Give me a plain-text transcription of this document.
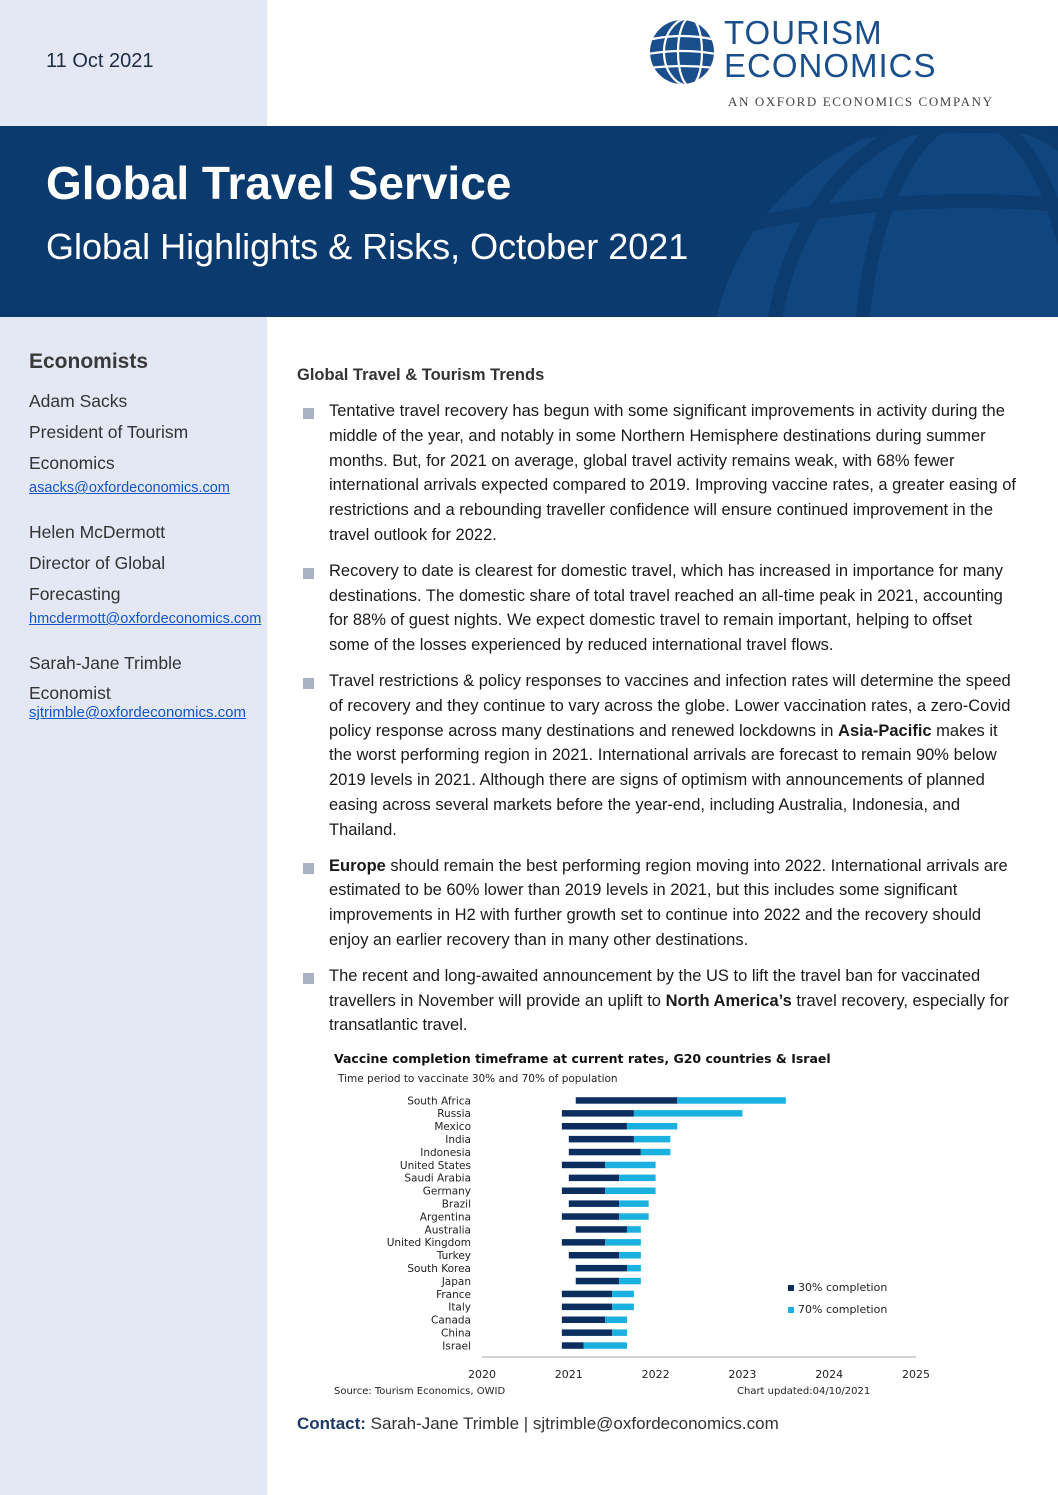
11 Oct 2021
TOURISM
ECONOMICS
AN OXFORD ECONOMICS COMPANY
Global Travel Service
Global Highlights & Risks, October 2021
Economists
Adam Sacks
President of Tourism
Economics
asacks@oxfordeconomics.com
Helen McDermott
Director of Global
Forecasting
hmcdermott@oxfordeconomics.com
Sarah-Jane Trimble
Economist
sjtrimble@oxfordeconomics.com
Global Travel & Tourism Trends
Tentative travel recovery has begun with some significant improvements in activity during the middle of the year, and notably in some Northern Hemisphere destinations during summer months. But, for 2021 on average, global travel activity remains weak, with 68% fewer international arrivals expected compared to 2019. Improving vaccine rates, a greater easing of restrictions and a rebounding traveller confidence will ensure continued improvement in the travel outlook for 2022.
Recovery to date is clearest for domestic travel, which has increased in importance for many destinations. The domestic share of total travel reached an all-time peak in 2021, accounting for 88% of guest nights. We expect domestic travel to remain important, helping to offset some of the losses experienced by reduced international travel flows.
Travel restrictions & policy responses to vaccines and infection rates will determine the speed of recovery and they continue to vary across the globe. Lower vaccination rates, a zero-Covid policy response across many destinations and renewed lockdowns in Asia-Pacific makes it the worst performing region in 2021. International arrivals are forecast to remain 90% below 2019 levels in 2021. Although there are signs of optimism with announcements of planned easing across several markets before the year-end, including Australia, Indonesia, and Thailand.
Europe should remain the best performing region moving into 2022. International arrivals are estimated to be 60% lower than 2019 levels in 2021, but this includes some significant improvements in H2 with further growth set to continue into 2022 and the recovery should enjoy an earlier recovery than in many other destinations.
The recent and long-awaited announcement by the US to lift the travel ban for vaccinated travellers in November will provide an uplift to North America’s travel recovery, especially for transatlantic travel.
Vaccine completion timeframe at current rates, G20 countries & Israel
Time period to vaccinate 30% and 70% of population
South Africa
Russia
Mexico
India
Indonesia
United States
Saudi Arabia
Germany
Brazil
Argentina
Australia
United Kingdom
Turkey
South Korea
Japan
France
Italy
Canada
China
Israel
2020	2021	2022	2023	2024	2025
30% completion
70% completion
Source: Tourism Economics, OWID	Chart updated:04/10/2021
Contact: Sarah-Jane Trimble | sjtrimble@oxfordeconomics.com
